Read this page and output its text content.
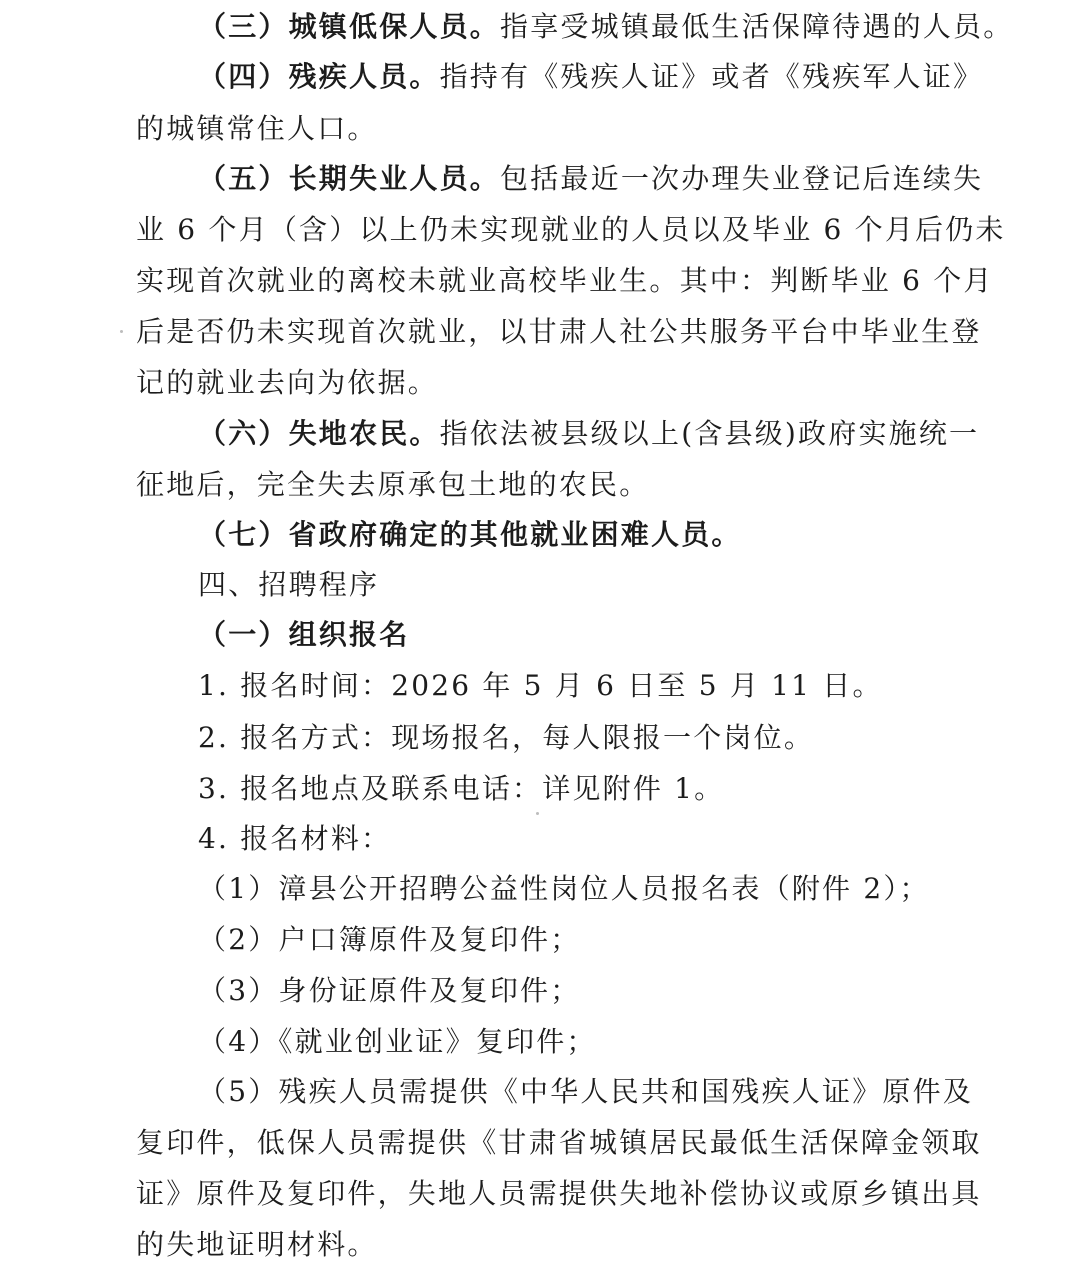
（三）城镇低保人员。指享受城镇最低生活保障待遇的人员。
（四）残疾人员。指持有《残疾人证》或者《残疾军人证》
的城镇常住人口。
（五）长期失业人员。包括最近一次办理失业登记后连续失
业 6 个月（含）以上仍未实现就业的人员以及毕业 6 个月后仍未
实现首次就业的离校未就业高校毕业生。其中：判断毕业 6 个月
后是否仍未实现首次就业，以甘肃人社公共服务平台中毕业生登
记的就业去向为依据。
（六）失地农民。指依法被县级以上(含县级)政府实施统一
征地后，完全失去原承包土地的农民。
（七）省政府确定的其他就业困难人员。
四、招聘程序
（一）组织报名
1. 报名时间：2026 年 5 月 6 日至 5 月 11 日。
2. 报名方式：现场报名，每人限报一个岗位。
3. 报名地点及联系电话：详见附件 1。
4. 报名材料：
（1）漳县公开招聘公益性岗位人员报名表（附件 2）；
（2）户口簿原件及复印件；
（3）身份证原件及复印件；
（4）《就业创业证》复印件；
（5）残疾人员需提供《中华人民共和国残疾人证》原件及
复印件，低保人员需提供《甘肃省城镇居民最低生活保障金领取
证》原件及复印件，失地人员需提供失地补偿协议或原乡镇出具
的失地证明材料。
